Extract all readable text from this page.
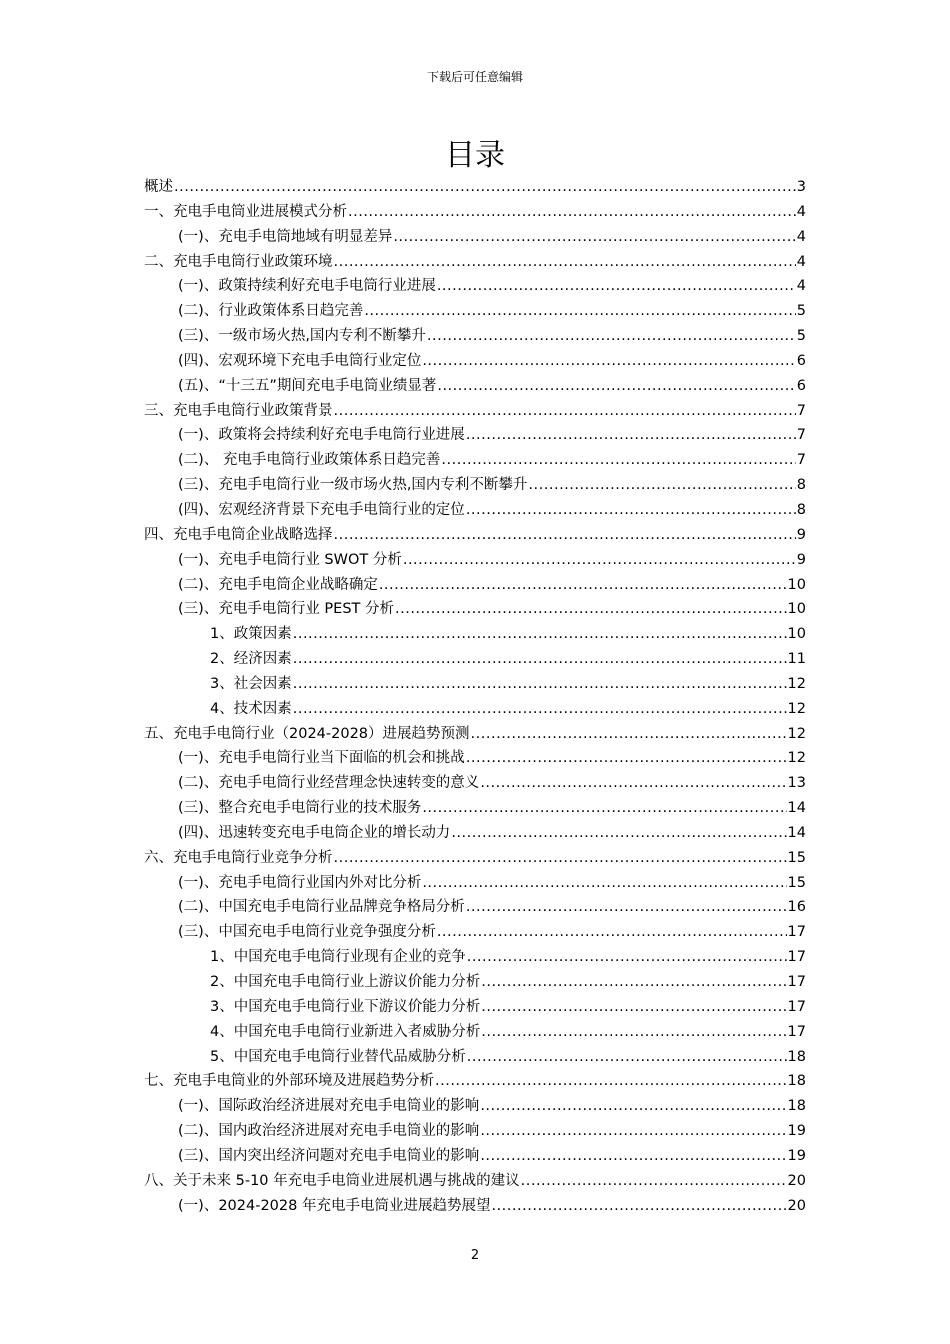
下载后可任意编辑
目录
概述 .....	3
一、充电手电筒业进展模式分析 .....	4
(一)、充电手电筒地域有明显差异 .....	4
二、充电手电筒行业政策环境 .....	4
(一)、政策持续利好充电手电筒行业进展 .....	4
(二)、行业政策体系日趋完善 .....	5
(三)、一级市场火热,国内专利不断攀升 .....	5
(四)、宏观环境下充电手电筒行业定位 .....	6
(五)、“十三五”期间充电手电筒业绩显著 .....	6
三、充电手电筒行业政策背景 .....	7
(一)、政策将会持续利好充电手电筒行业进展 .....	7
(二)、 充电手电筒行业政策体系日趋完善 .....	7
(三)、充电手电筒行业一级市场火热,国内专利不断攀升 .....	8
(四)、宏观经济背景下充电手电筒行业的定位 .....	8
四、充电手电筒企业战略选择 .....	9
(一)、充电手电筒行业 SWOT 分析 .....	9
(二)、充电手电筒企业战略确定 .....	10
(三)、充电手电筒行业 PEST 分析 .....	10
1、政策因素 .....	10
2、经济因素 .....	11
3、社会因素 .....	12
4、技术因素 .....	12
五、充电手电筒行业（2024-2028）进展趋势预测 .....	12
(一)、充电手电筒行业当下面临的机会和挑战 .....	12
(二)、充电手电筒行业经营理念快速转变的意义 .....	13
(三)、整合充电手电筒行业的技术服务 .....	14
(四)、迅速转变充电手电筒企业的增长动力 .....	14
六、充电手电筒行业竞争分析 .....	15
(一)、充电手电筒行业国内外对比分析 .....	15
(二)、中国充电手电筒行业品牌竞争格局分析 .....	16
(三)、中国充电手电筒行业竞争强度分析 .....	17
1、中国充电手电筒行业现有企业的竞争 .....	17
2、中国充电手电筒行业上游议价能力分析 .....	17
3、中国充电手电筒行业下游议价能力分析 .....	17
4、中国充电手电筒行业新进入者威胁分析 .....	17
5、中国充电手电筒行业替代品威胁分析 .....	18
七、充电手电筒业的外部环境及进展趋势分析 .....	18
(一)、国际政治经济进展对充电手电筒业的影响 .....	18
(二)、国内政治经济进展对充电手电筒业的影响 .....	19
(三)、国内突出经济问题对充电手电筒业的影响 .....	19
八、关于未来 5-10 年充电手电筒业进展机遇与挑战的建议 .....	20
(一)、2024-2028 年充电手电筒业进展趋势展望 .....	20
2
